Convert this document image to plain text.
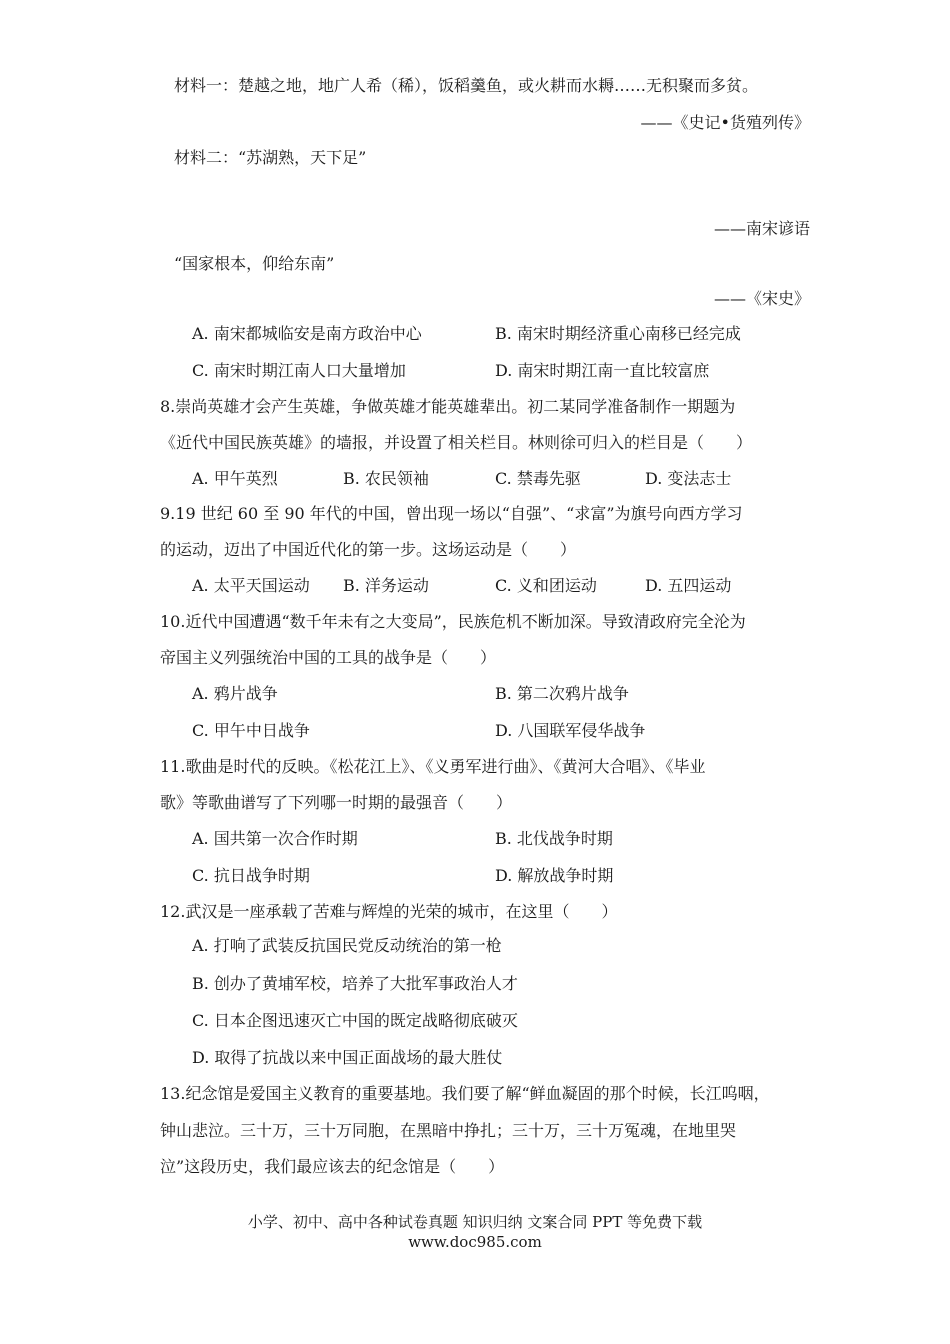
材料一：楚越之地，地广人希（稀），饭稻羹鱼，或火耕而水耨……无积聚而多贫。
——《史记•货殖列传》
材料二：“苏湖熟，天下足”
——南宋谚语
“国家根本，仰给东南”
——《宋史》
A. 南宋都城临安是南方政治中心	B. 南宋时期经济重心南移已经完成
C. 南宋时期江南人口大量增加	D. 南宋时期江南一直比较富庶
8.崇尚英雄才会产生英雄，争做英雄才能英雄辈出。初二某同学准备制作一期题为
《近代中国民族英雄》的墙报，并设置了相关栏目。林则徐可归入的栏目是（　　）
A. 甲午英烈	B. 农民领袖	C. 禁毒先驱	D. 变法志士
9.19 世纪 60 至 90 年代的中国，曾出现一场以“自强”、“求富”为旗号向西方学习
的运动，迈出了中国近代化的第一步。这场运动是（　　）
A. 太平天国运动 B. 洋务运动	C. 义和团运动	D. 五四运动
10.近代中国遭遇“数千年未有之大变局”，民族危机不断加深。导致清政府完全沦为
帝国主义列强统治中国的工具的战争是（　　）
A. 鸦片战争	B. 第二次鸦片战争
C. 甲午中日战争	D. 八国联军侵华战争
11.歌曲是时代的反映。《松花江上》、《义勇军进行曲》、《黄河大合唱》、《毕业
歌》等歌曲谱写了下列哪一时期的最强音（　　）
A. 国共第一次合作时期	B. 北伐战争时期
C. 抗日战争时期	D. 解放战争时期
12.武汉是一座承载了苦难与辉煌的光荣的城市，在这里（　　）
A. 打响了武装反抗国民党反动统治的第一枪
B. 创办了黄埔军校，培养了大批军事政治人才
C. 日本企图迅速灭亡中国的既定战略彻底破灭
D. 取得了抗战以来中国正面战场的最大胜仗
13.纪念馆是爱国主义教育的重要基地。我们要了解“鲜血凝固的那个时候，长江呜咽，
钟山悲泣。三十万，三十万同胞，在黑暗中挣扎；三十万，三十万冤魂，在地里哭
泣”这段历史，我们最应该去的纪念馆是（　　）
小学、初中、高中各种试卷真题 知识归纳 文案合同 PPT 等免费下载
www.doc985.com
